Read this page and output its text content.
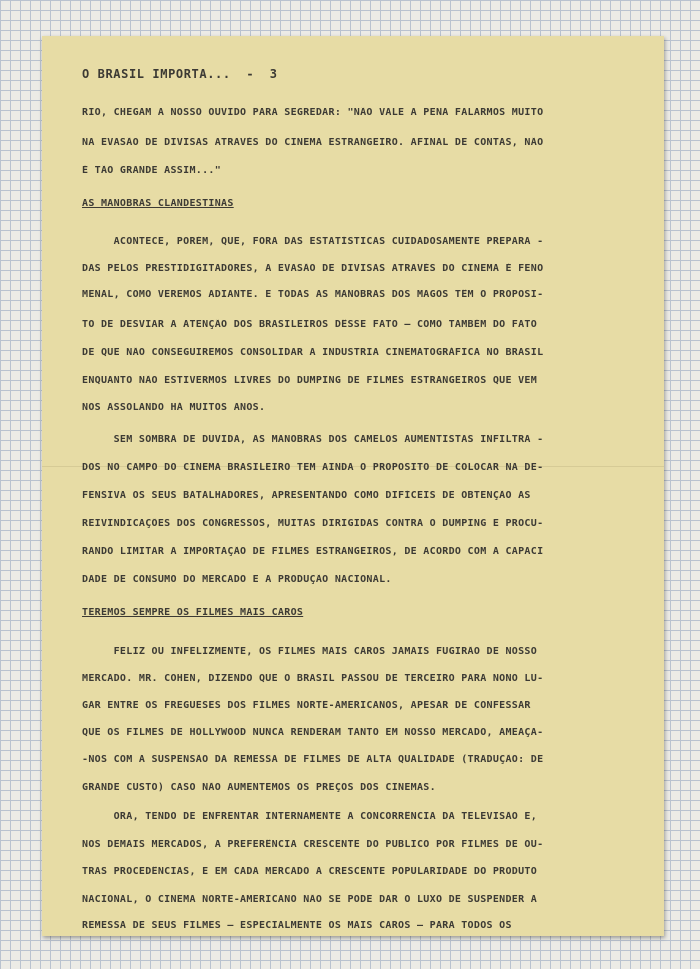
O BRASIL IMPORTA...  -  3
RIO, CHEGAM A NOSSO OUVIDO PARA SEGREDAR: "NÃO VALE A PENA FALARMOS MUITO
NA EVASÃO DE DIVISAS ATRAVÉS DO CINEMA ESTRANGEIRO. AFINAL DE CONTAS, NÃO
É TÃO GRANDE ASSIM..."
AS MANOBRAS CLANDESTINAS
ACONTECE, PORÉM, QUE, FORA DAS ESTATÍSTICAS CUIDADOSAMENTE PREPARA -
DAS PELOS PRESTIDIGITADORES, A EVASÃO DE DIVISAS ATRAVÉS DO CINEMA É FENO
MENAL, COMO VEREMOS ADIANTE. E TÔDAS AS MANOBRAS DOS MAGOS TÊM O PROPÓSI-
TO DE DESVIAR A ATENÇÃO DOS BRASILEIROS DÊSSE FATO — COMO TAMBÉM DO FATO
DE QUE NÃO CONSEGUIREMOS CONSOLIDAR A INDÚSTRIA CINEMATOGRÁFICA NO BRASIL
ENQUANTO NÃO ESTIVERMOS LIVRES DO DUMPING DE FILMES ESTRANGEIROS QUE VEM
NOS ASSOLANDO HÁ MUITOS ANOS.
SEM SOMBRA DE DÚVIDA, AS MANOBRAS DOS CAMELÔS AUMENTISTAS INFILTRA -
DOS NO CAMPO DO CINEMA BRASILEIRO TEM AINDA O PROPÓSITO DE COLOCAR NA DE-
FENSIVA OS SEUS BATALHADORES, APRESENTANDO COMO DIFÍCEIS DE OBTENÇÃO AS
REIVINDICAÇÕES DOS CONGRESSOS, MUITAS DIRIGIDAS CONTRA O DUMPING E PROCU-
RANDO LIMITAR A IMPORTAÇÃO DE FILMES ESTRANGEIROS, DE ACÔRDO COM A CAPACI
DADE DE CONSUMO DO MERCADO E A PRODUÇÃO NACIONAL.
TEREMOS SEMPRE OS FILMES MAIS CAROS
FELIZ OU INFELIZMENTE, OS FILMES MAIS CAROS JAMAIS FUGIRÃO DE NOSSO
MERCADO. MR. COHEN, DIZENDO QUE O BRASIL PASSOU DE TERCEIRO PARA NONO LU-
GAR ENTRE OS FREGUESES DOS FILMES NORTE-AMERICANOS, APESAR DE CONFESSAR
QUE OS FILMES DE HOLLYWOOD NUNCA RENDERAM TANTO EM NOSSO MERCADO, AMEAÇA-
-NOS COM A SUSPENSÃO DA REMESSA DE FILMES DE ALTA QUALIDADE (TRADUÇÃO: DE
GRANDE CUSTO) CASO NÃO AUMENTEMOS OS PREÇOS DOS CINEMAS.
ORA, TENDO DE ENFRENTAR INTERNAMENTE A CONCORRÊNCIA DA TELEVISÃO E,
NOS DEMAIS MERCADOS, A PREFERÊNCIA CRESCENTE DO PÚBLICO POR FILMES DE OU-
TRAS PROCEDÊNCIAS, E EM CADA MERCADO A CRESCENTE POPULARIDADE DO PRODUTO
NACIONAL, O CINEMA NORTE-AMERICANO NÃO SE PODE DAR O LUXO DE SUSPENDER A
REMESSA DE SEUS FILMES — ESPECIALMENTE OS MAIS CAROS — PARA TODOS OS
